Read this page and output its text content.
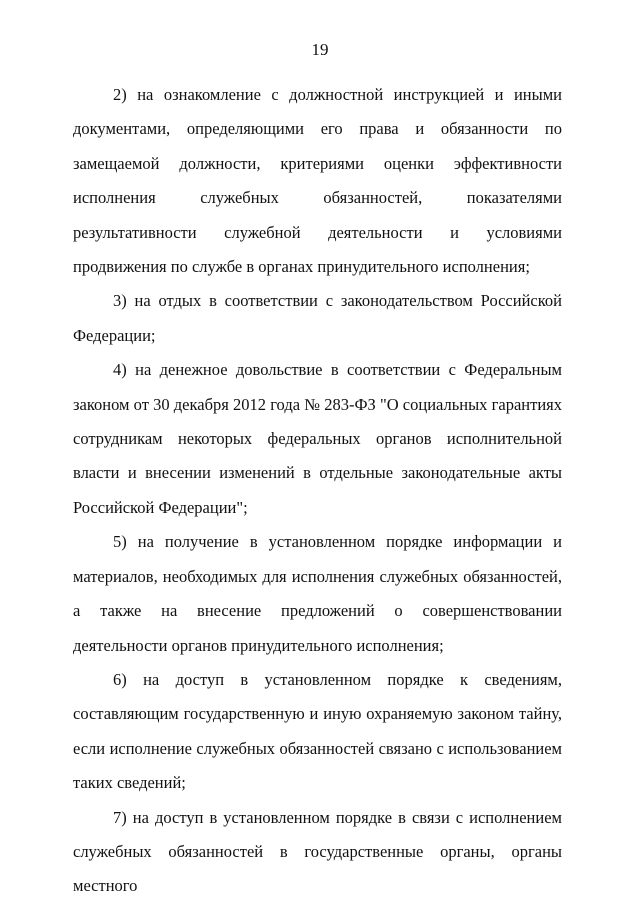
19

2) на ознакомление с должностной инструкцией и иными документами, определяющими его права и обязанности по замещаемой должности, критериями оценки эффективности исполнения служебных обязанностей, показателями результативности служебной деятельности и условиями продвижения по службе в органах принудительного исполнения;

3) на отдых в соответствии с законодательством Российской Федерации;

4) на денежное довольствие в соответствии с Федеральным законом от 30 декабря 2012 года № 283-ФЗ "О социальных гарантиях сотрудникам некоторых федеральных органов исполнительной власти и внесении изменений в отдельные законодательные акты Российской Федерации";

5) на получение в установленном порядке информации и материалов, необходимых для исполнения служебных обязанностей, а также на внесение предложений о совершенствовании деятельности органов принудительного исполнения;

6) на доступ в установленном порядке к сведениям, составляющим государственную и иную охраняемую законом тайну, если исполнение служебных обязанностей связано с использованием таких сведений;

7) на доступ в установленном порядке в связи с исполнением служебных обязанностей в государственные органы, органы местного
